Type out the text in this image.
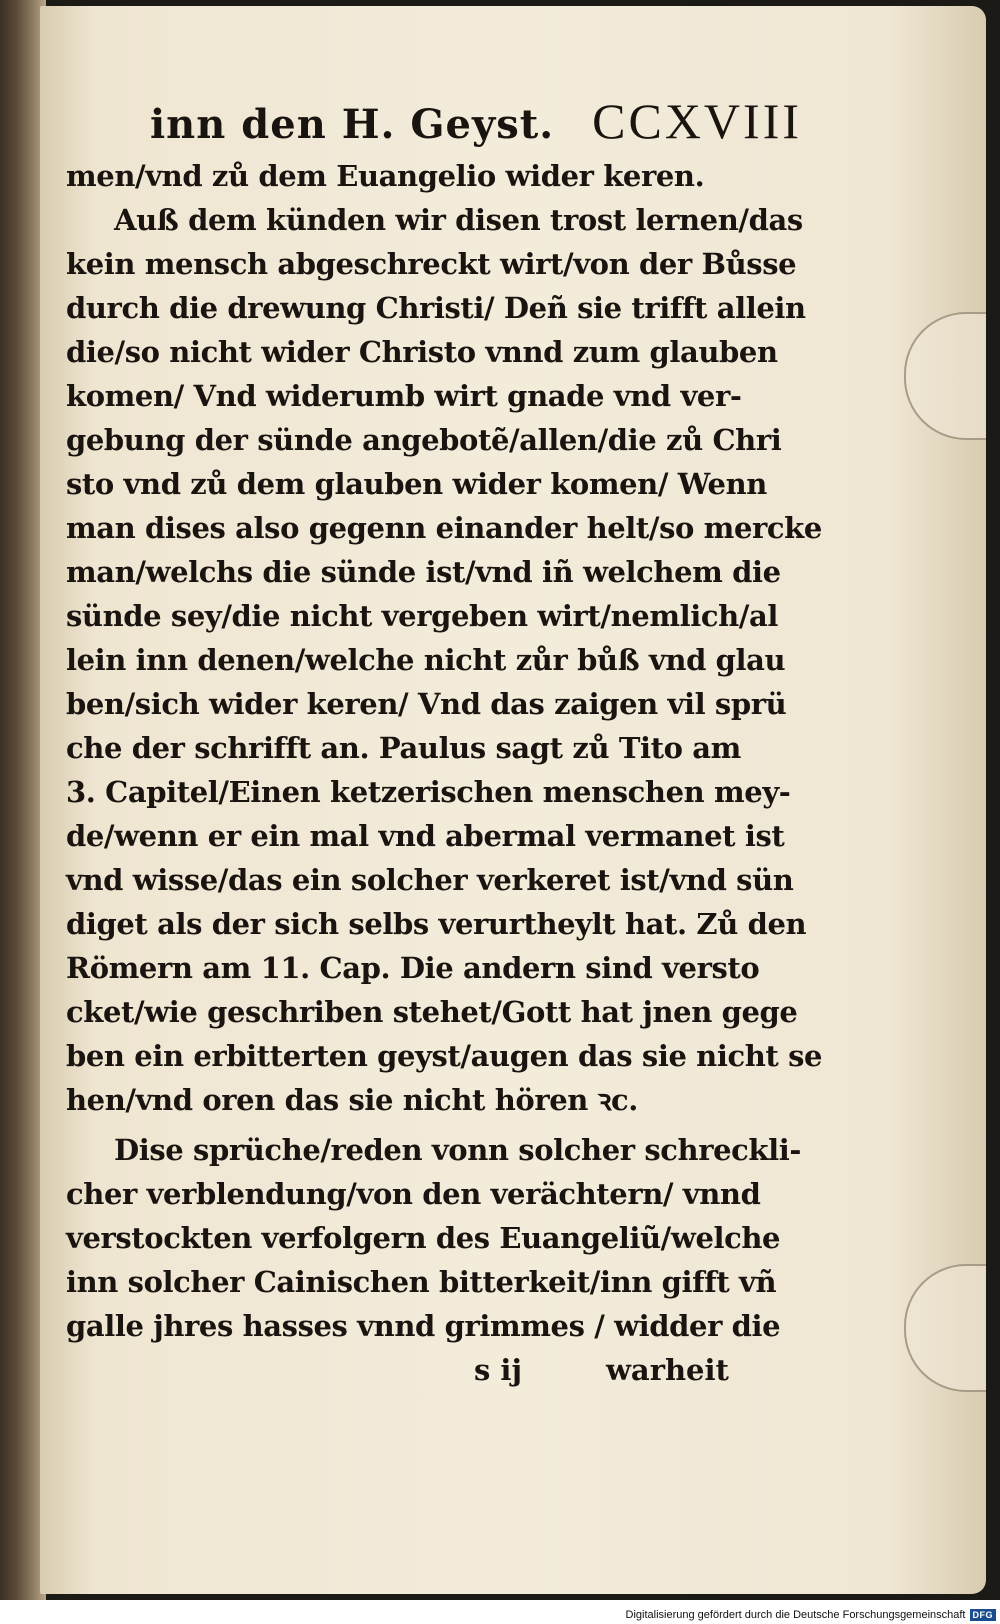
inn den H. Geyst. CCXVIII
men/vnd zů dem Euangelio wider keren.
Auß dem künden wir disen trost lernen/das
kein mensch abgeschreckt wirt/von der Bůsse
durch die drewung Christi/ Deñ sie trifft allein
die/so nicht wider Christo vnnd zum glauben
komen/ Vnd widerumb wirt gnade vnd ver-
gebung der sünde angebotẽ/allen/die zů Chri
sto vnd zů dem glauben wider komen/ Wenn
man dises also gegenn einander helt/so mercke
man/welchs die sünde ist/vnd iñ welchem die
sünde sey/die nicht vergeben wirt/nemlich/al
lein inn denen/welche nicht zůr bůß vnd glau
ben/sich wider keren/ Vnd das zaigen vil sprü
che der schrifft an. Paulus sagt zů Tito am
3. Capitel/Einen ketzerischen menschen mey-
de/wenn er ein mal vnd abermal vermanet ist
vnd wisse/das ein solcher verkeret ist/vnd sün
diget als der sich selbs verurtheylt hat. Zů den
Römern am 11. Cap. Die andern sind versto
cket/wie geschriben stehet/Gott hat jnen gege
ben ein erbitterten geyst/augen das sie nicht se
hen/vnd oren das sie nicht hören ꝛc.
Dise sprüche/reden vonn solcher schreckli-
cher verblendung/von den verächtern/ vnnd
verstockten verfolgern des Euangeliũ/welche
inn solcher Cainischen bitterkeit/inn gifft vñ
galle jhres hasses vnnd grimmes / widder die
s ij	warheit
Digitalisierung gefördert durch die Deutsche Forschungsgemeinschaft DFG
